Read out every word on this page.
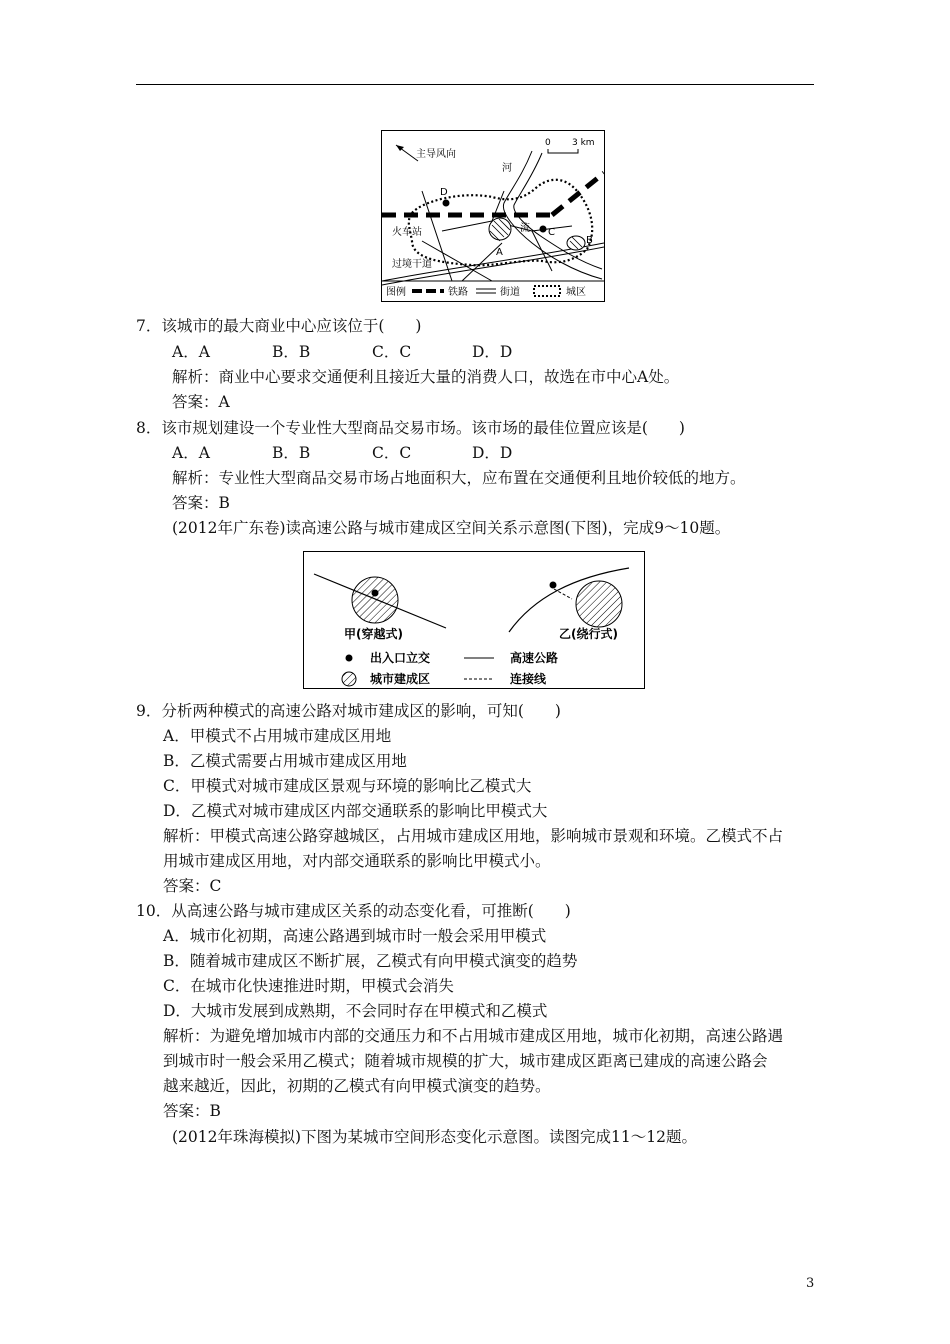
主导风向
0 3 km
河
流
火车站
过境干道
D
A
C
B
图例	铁路	街道	城区
7．该城市的最大商业中心应该位于(　　)
A．A	B．B	C．C	D．D
解析：商业中心要求交通便利且接近大量的消费人口，故选在市中心A处。
答案：A
8．该市规划建设一个专业性大型商品交易市场。该市场的最佳位置应该是(　　)
A．A	B．B	C．C	D．D
解析：专业性大型商品交易市场占地面积大，应布置在交通便利且地价较低的地方。
答案：B
(2012年广东卷)读高速公路与城市建成区空间关系示意图(下图)，完成9～10题。
甲(穿越式)	乙(绕行式)
出入口立交	高速公路
城市建成区	连接线
9．分析两种模式的高速公路对城市建成区的影响，可知(　　)
A．甲模式不占用城市建成区用地
B．乙模式需要占用城市建成区用地
C．甲模式对城市建成区景观与环境的影响比乙模式大
D．乙模式对城市建成区内部交通联系的影响比甲模式大
解析：甲模式高速公路穿越城区，占用城市建成区用地，影响城市景观和环境。乙模式不占
用城市建成区用地，对内部交通联系的影响比甲模式小。
答案：C
10．从高速公路与城市建成区关系的动态变化看，可推断(　　)
A．城市化初期，高速公路遇到城市时一般会采用甲模式
B．随着城市建成区不断扩展，乙模式有向甲模式演变的趋势
C．在城市化快速推进时期，甲模式会消失
D．大城市发展到成熟期，不会同时存在甲模式和乙模式
解析：为避免增加城市内部的交通压力和不占用城市建成区用地，城市化初期，高速公路遇
到城市时一般会采用乙模式；随着城市规模的扩大，城市建成区距离已建成的高速公路会
越来越近，因此，初期的乙模式有向甲模式演变的趋势。
答案：B
(2012年珠海模拟)下图为某城市空间形态变化示意图。读图完成11～12题。
3
